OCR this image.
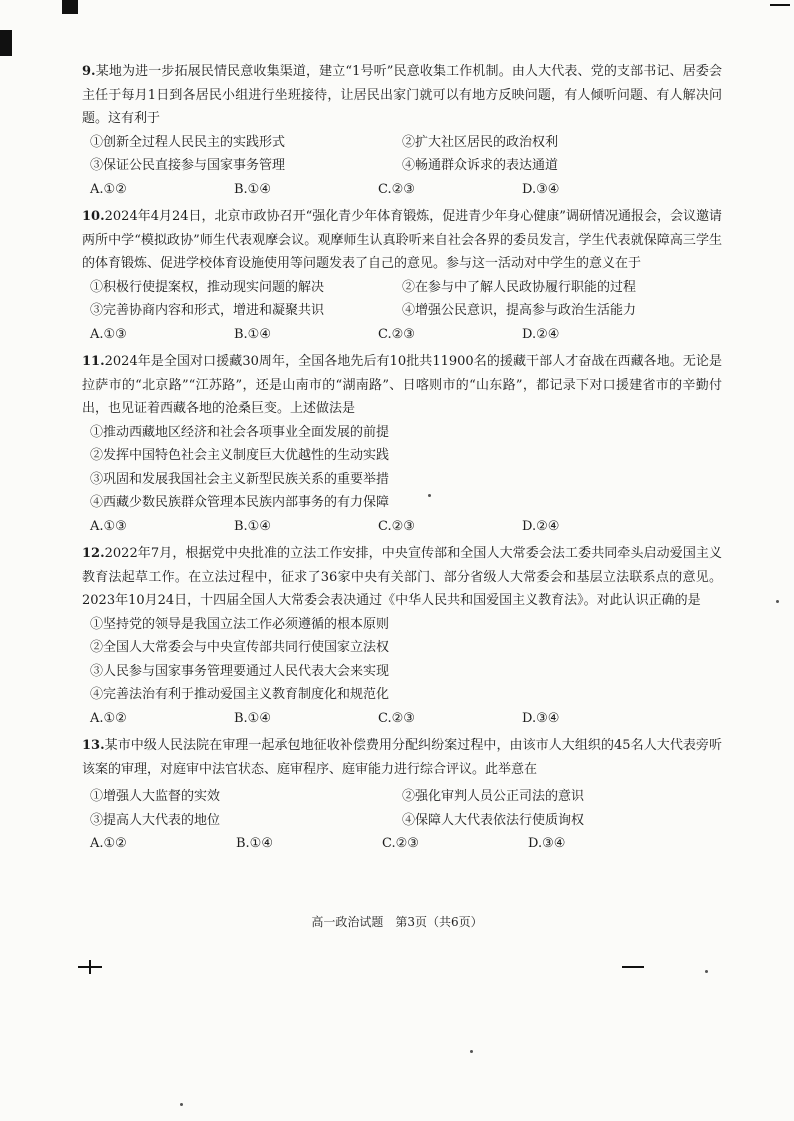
9.某地为进一步拓展民情民意收集渠道，建立“1号听”民意收集工作机制。由人大代表、党的支部书记、居委会主任于每月1日到各居民小组进行坐班接待，让居民出家门就可以有地方反映问题，有人倾听问题、有人解决问题。这有利于
①创新全过程人民民主的实践形式	②扩大社区居民的政治权利
③保证公民直接参与国家事务管理	④畅通群众诉求的表达通道
A.①②	B.①④	C.②③	D.③④
10.2024年4月24日，北京市政协召开“强化青少年体育锻炼，促进青少年身心健康”调研情况通报会，会议邀请两所中学“模拟政协”师生代表观摩会议。观摩师生认真聆听来自社会各界的委员发言，学生代表就保障高三学生的体育锻炼、促进学校体育设施使用等问题发表了自己的意见。参与这一活动对中学生的意义在于
①积极行使提案权，推动现实问题的解决	②在参与中了解人民政协履行职能的过程
③完善协商内容和形式，增进和凝聚共识	④增强公民意识，提高参与政治生活能力
A.①③	B.①④	C.②③	D.②④
11.2024年是全国对口援藏30周年，全国各地先后有10批共11900名的援藏干部人才奋战在西藏各地。无论是拉萨市的“北京路”“江苏路”，还是山南市的“湖南路”、日喀则市的“山东路”，都记录下对口援建省市的辛勤付出，也见证着西藏各地的沧桑巨变。上述做法是
①推动西藏地区经济和社会各项事业全面发展的前提
②发挥中国特色社会主义制度巨大优越性的生动实践
③巩固和发展我国社会主义新型民族关系的重要举措
④西藏少数民族群众管理本民族内部事务的有力保障
A.①③	B.①④	C.②③	D.②④
12.2022年7月，根据党中央批准的立法工作安排，中央宣传部和全国人大常委会法工委共同牵头启动爱国主义教育法起草工作。在立法过程中，征求了36家中央有关部门、部分省级人大常委会和基层立法联系点的意见。2023年10月24日，十四届全国人大常委会表决通过《中华人民共和国爱国主义教育法》。对此认识正确的是
①坚持党的领导是我国立法工作必须遵循的根本原则
②全国人大常委会与中央宣传部共同行使国家立法权
③人民参与国家事务管理要通过人民代表大会来实现
④完善法治有利于推动爱国主义教育制度化和规范化
A.①②	B.①④	C.②③	D.③④
13.某市中级人民法院在审理一起承包地征收补偿费用分配纠纷案过程中，由该市人大组织的45名人大代表旁听该案的审理，对庭审中法官状态、庭审程序、庭审能力进行综合评议。此举意在
①增强人大监督的实效	②强化审判人员公正司法的意识
③提高人大代表的地位	④保障人大代表依法行使质询权
A.①②	B.①④	C.②③	D.③④
高一政治试题　第3页（共6页）
